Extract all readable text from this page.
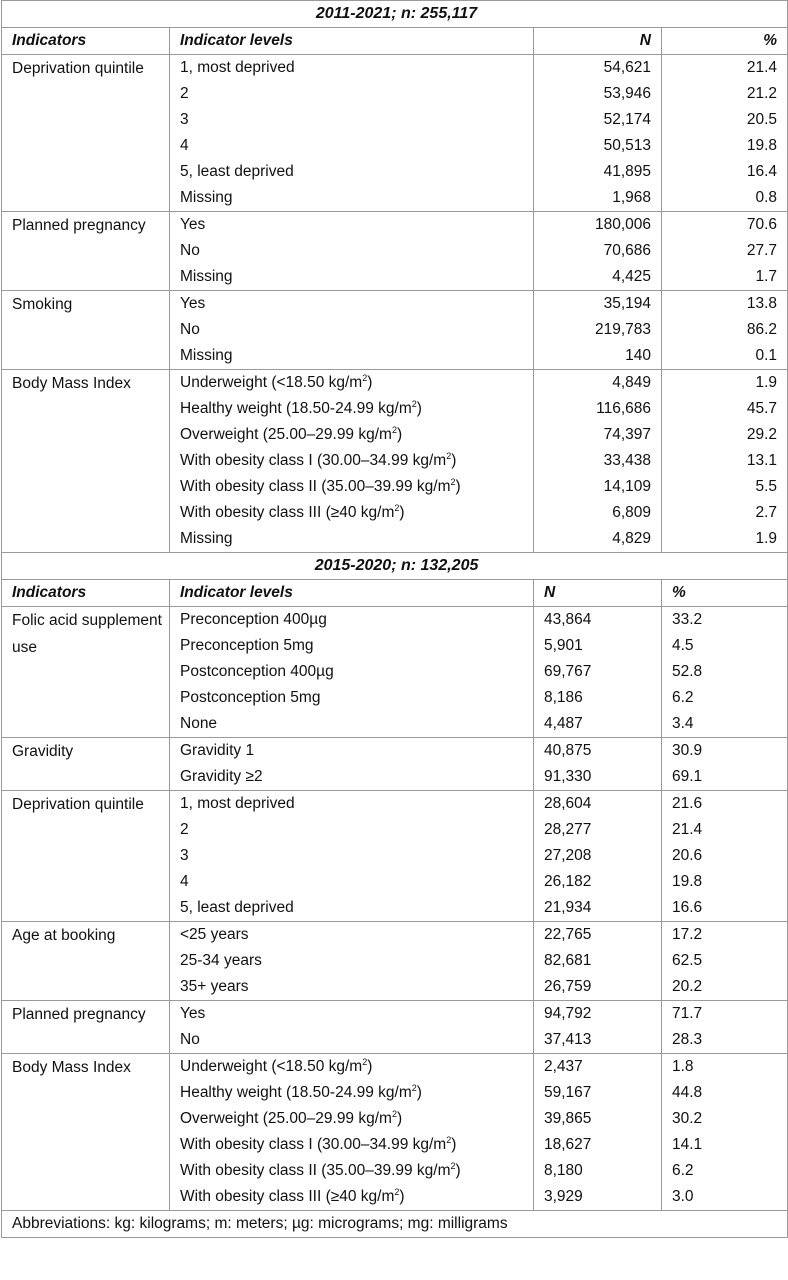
2011-2021; n: 255,117			
Indicators	Indicator levels	N	%
Deprivation quintile	1, most deprived	54,621	21.4
	2	53,946	21.2
	3	52,174	20.5
	4	50,513	19.8
	5, least deprived	41,895	16.4
	Missing	1,968	0.8
Planned pregnancy	Yes	180,006	70.6
	No	70,686	27.7
	Missing	4,425	1.7
Smoking	Yes	35,194	13.8
	No	219,783	86.2
	Missing	140	0.1
Body Mass Index	Underweight (<18.50 $kg/m^2$)	4,849	1.9
	Healthy weight (18.50-24.99 $kg/m^2$)	116,686	45.7
	Overweight (25.00–29.99 $kg/m^2$)	74,397	29.2
	With obesity class I (30.00–34.99 $kg/m^2$)	33,438	13.1
	With obesity class II (35.00–39.99 $kg/m^2$)	14,109	5.5
	With obesity class III (≥40 $kg/m^2$)	6,809	2.7
	Missing	4,829	1.9
2015-2020; n: 132,205			
Indicators	Indicator levels	N	%
Folic acid supplement use	Preconception 400µg	43,864	33.2
	Preconception 5mg	5,901	4.5
	Postconception 400µg	69,767	52.8
	Postconception 5mg	8,186	6.2
	None	4,487	3.4
Gravidity	Gravidity 1	40,875	30.9
	Gravidity ≥2	91,330	69.1
Deprivation quintile	1, most deprived	28,604	21.6
	2	28,277	21.4
	3	27,208	20.6
	4	26,182	19.8
	5, least deprived	21,934	16.6
Age at booking	<25 years	22,765	17.2
	25-34 years	82,681	62.5
	35+ years	26,759	20.2
Planned pregnancy	Yes	94,792	71.7
	No	37,413	28.3
Body Mass Index	Underweight (<18.50 $kg/m^2$)	2,437	1.8
	Healthy weight (18.50-24.99 $kg/m^2$)	59,167	44.8
	Overweight (25.00–29.99 $kg/m^2$)	39,865	30.2
	With obesity class I (30.00–34.99 $kg/m^2$)	18,627	14.1
	With obesity class II (35.00–39.99 $kg/m^2$)	8,180	6.2
	With obesity class III (≥40 $kg/m^2$)	3,929	3.0
Abbreviations: kg: kilograms; m: meters; µg: micrograms; mg: milligrams			
